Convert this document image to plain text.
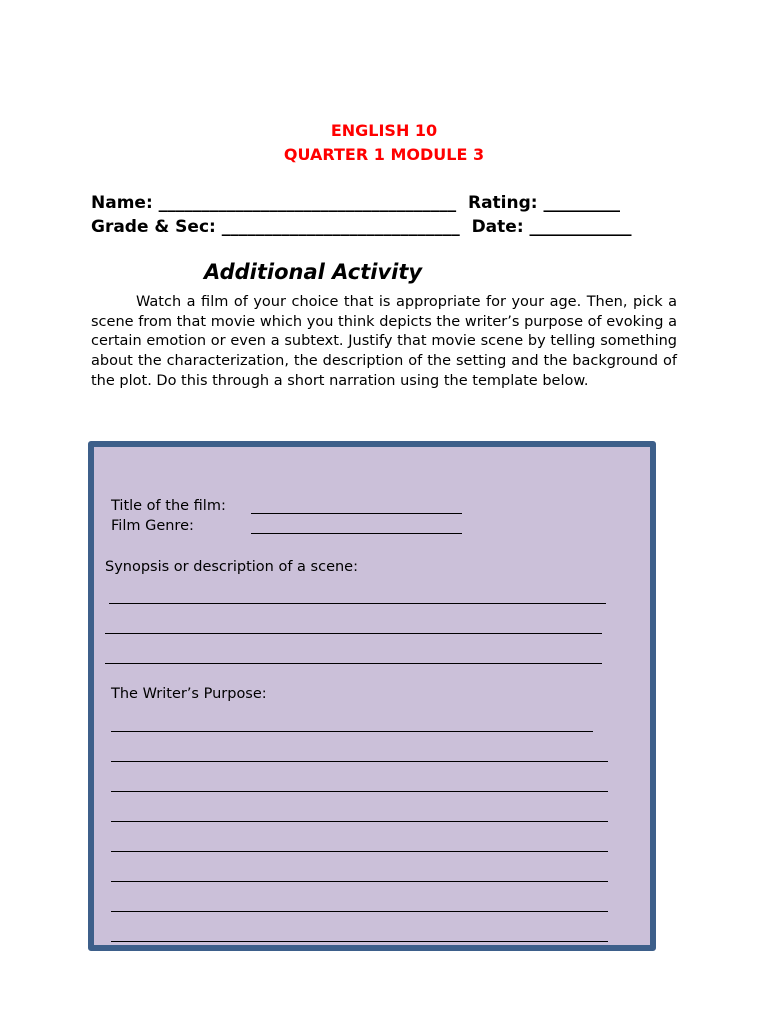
ENGLISH 10
QUARTER 1 MODULE 3
Name: ___________________________________  Rating: _________
Grade & Sec: ____________________________  Date: ____________
Additional Activity
Watch a film of your choice that is appropriate for your age. Then, pick a scene from that movie which you think depicts the writer’s purpose of evoking a certain emotion or even a subtext. Justify that movie scene by telling something about the characterization, the description of the setting and the background of the plot. Do this through a short narration using the template below.
Title of the film:
Film Genre:
Synopsis or description of a scene:
The Writer’s Purpose:
